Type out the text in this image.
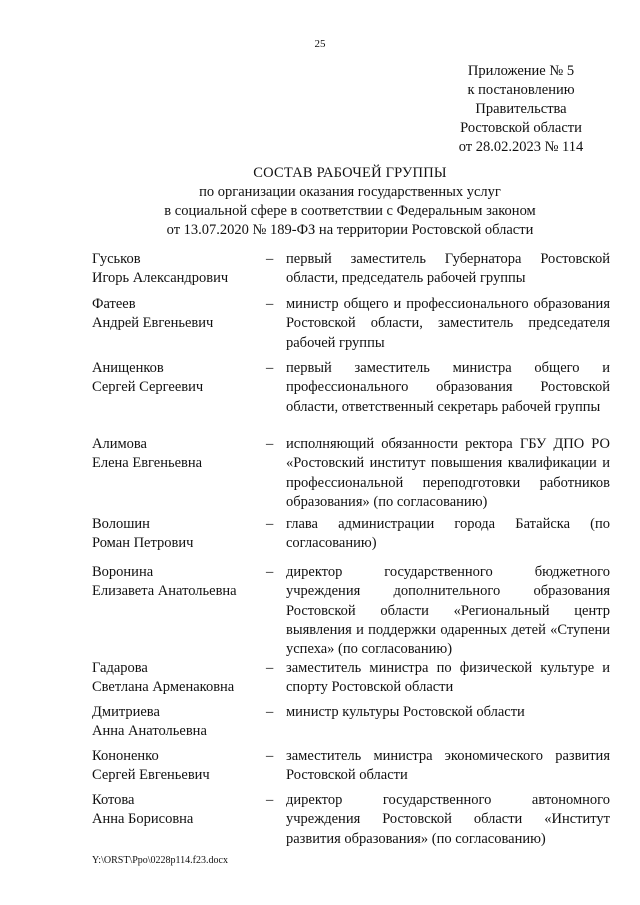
25
Приложение № 5
к постановлению
Правительства
Ростовской области
от 28.02.2023 № 114
СОСТАВ РАБОЧЕЙ ГРУППЫ
по организации оказания государственных услуг
в социальной сфере в соответствии с Федеральным законом
от 13.07.2020 № 189-ФЗ на территории Ростовской области
Гуськов
Игорь Александрович
– первый заместитель Губернатора Ростовской области, председатель рабочей группы
Фатеев
Андрей Евгеньевич
– министр общего и профессионального образования Ростовской области, заместитель председателя рабочей группы
Анищенков
Сергей Сергеевич
– первый заместитель министра общего и профессионального образования Ростовской области, ответственный секретарь рабочей группы
Алимова
Елена Евгеньевна
– исполняющий обязанности ректора ГБУ ДПО РО «Ростовский институт повышения квалификации и профессиональной переподготовки работников образования» (по согласованию)
Волошин
Роман Петрович
– глава администрации города Батайска (по согласованию)
Воронина
Елизавета Анатольевна
– директор государственного бюджетного учреждения дополнительного образования Ростовской области «Региональный центр выявления и поддержки одаренных детей «Ступени успеха» (по согласованию)
Гадарова
Светлана Арменаковна
– заместитель министра по физической культуре и спорту Ростовской области
Дмитриева
Анна Анатольевна
– министр культуры Ростовской области
Кононенко
Сергей Евгеньевич
– заместитель министра экономического развития Ростовской области
Котова
Анна Борисовна
– директор государственного автономного учреждения Ростовской области «Институт развития образования» (по согласованию)
Y:\ORST\Ppo\0228p114.f23.docx
